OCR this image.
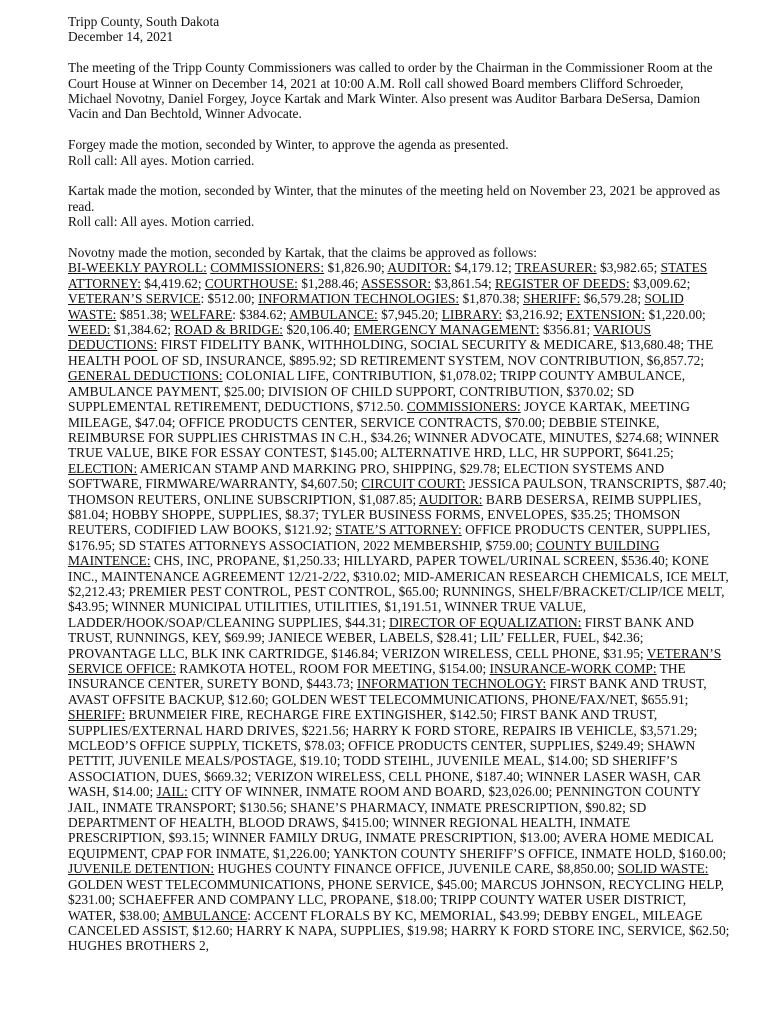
Tripp County, South Dakota

December 14, 2021

The meeting of the Tripp County Commissioners was called to order by the Chairman in the Commissioner Room at the Court House at Winner on December 14, 2021 at 10:00 A.M. Roll call showed Board members Clifford Schroeder, Michael Novotny, Daniel Forgey, Joyce Kartak and Mark Winter. Also present was Auditor Barbara DeSersa, Damion Vacin and Dan Bechtold, Winner Advocate.

Forgey made the motion, seconded by Winter, to approve the agenda as presented.
Roll call: All ayes. Motion carried.

Kartak made the motion, seconded by Winter, that the minutes of the meeting held on November 23, 2021 be approved as read.
Roll call: All ayes. Motion carried.

Novotny made the motion, seconded by Kartak, that the claims be approved as follows:
BI-WEEKLY PAYROLL: COMMISSIONERS: $1,826.90; AUDITOR: $4,179.12; TREASURER: $3,982.65; STATES ATTORNEY: $4,419.62; COURTHOUSE: $1,288.46; ASSESSOR: $3,861.54; REGISTER OF DEEDS: $3,009.62; VETERAN’S SERVICE: $512.00; INFORMATION TECHNOLOGIES: $1,870.38; SHERIFF: $6,579.28; SOLID WASTE: $851.38; WELFARE: $384.62; AMBULANCE: $7,945.20; LIBRARY: $3,216.92; EXTENSION: $1,220.00; WEED: $1,384.62; ROAD & BRIDGE: $20,106.40; EMERGENCY MANAGEMENT: $356.81; VARIOUS DEDUCTIONS: FIRST FIDELITY BANK, WITHHOLDING, SOCIAL SECURITY & MEDICARE, $13,680.48; THE HEALTH POOL OF SD, INSURANCE, $895.92; SD RETIREMENT SYSTEM, NOV CONTRIBUTION, $6,857.72; GENERAL DEDUCTIONS: COLONIAL LIFE, CONTRIBUTION, $1,078.02; TRIPP COUNTY AMBULANCE, AMBULANCE PAYMENT, $25.00; DIVISION OF CHILD SUPPORT, CONTRIBUTION, $370.02; SD SUPPLEMENTAL RETIREMENT, DEDUCTIONS, $712.50. COMMISSIONERS: JOYCE KARTAK, MEETING MILEAGE, $47.04; OFFICE PRODUCTS CENTER, SERVICE CONTRACTS, $70.00; DEBBIE STEINKE, REIMBURSE FOR SUPPLIES CHRISTMAS IN C.H., $34.26; WINNER ADVOCATE, MINUTES, $274.68; WINNER TRUE VALUE, BIKE FOR ESSAY CONTEST, $145.00; ALTERNATIVE HRD, LLC, HR SUPPORT, $641.25; ELECTION: AMERICAN STAMP AND MARKING PRO, SHIPPING, $29.78; ELECTION SYSTEMS AND SOFTWARE, FIRMWARE/WARRANTY, $4,607.50; CIRCUIT COURT: JESSICA PAULSON, TRANSCRIPTS, $87.40; THOMSON REUTERS, ONLINE SUBSCRIPTION, $1,087.85; AUDITOR: BARB DESERSA, REIMB SUPPLIES, $81.04; HOBBY SHOPPE, SUPPLIES, $8.37; TYLER BUSINESS FORMS, ENVELOPES, $35.25; THOMSON REUTERS, CODIFIED LAW BOOKS, $121.92; STATE’S ATTORNEY: OFFICE PRODUCTS CENTER, SUPPLIES, $176.95; SD STATES ATTORNEYS ASSOCIATION, 2022 MEMBERSHIP, $759.00; COUNTY BUILDING MAINTENCE: CHS, INC, PROPANE, $1,250.33; HILLYARD, PAPER TOWEL/URINAL SCREEN, $536.40; KONE INC., MAINTENANCE AGREEMENT 12/21-2/22, $310.02; MID-AMERICAN RESEARCH CHEMICALS, ICE MELT, $2,212.43; PREMIER PEST CONTROL, PEST CONTROL, $65.00; RUNNINGS, SHELF/BRACKET/CLIP/ICE MELT, $43.95; WINNER MUNICIPAL UTILITIES, UTILITIES, $1,191.51, WINNER TRUE VALUE, LADDER/HOOK/SOAP/CLEANING SUPPLIES, $44.31; DIRECTOR OF EQUALIZATION: FIRST BANK AND TRUST, RUNNINGS, KEY, $69.99; JANIECE WEBER, LABELS, $28.41; LIL’ FELLER, FUEL, $42.36; PROVANTAGE LLC, BLK INK CARTRIDGE, $146.84; VERIZON WIRELESS, CELL PHONE, $31.95; VETERAN’S SERVICE OFFICE: RAMKOTA HOTEL, ROOM FOR MEETING, $154.00; INSURANCE-WORK COMP: THE INSURANCE CENTER, SURETY BOND, $443.73; INFORMATION TECHNOLOGY: FIRST BANK AND TRUST, AVAST OFFSITE BACKUP, $12.60; GOLDEN WEST TELECOMMUNICATIONS, PHONE/FAX/NET, $655.91; SHERIFF: BRUNMEIER FIRE, RECHARGE FIRE EXTINGISHER, $142.50; FIRST BANK AND TRUST, SUPPLIES/EXTERNAL HARD DRIVES, $221.56; HARRY K FORD STORE, REPAIRS IB VEHICLE, $3,571.29; MCLEOD’S OFFICE SUPPLY, TICKETS, $78.03; OFFICE PRODUCTS CENTER, SUPPLIES, $249.49; SHAWN PETTIT, JUVENILE MEALS/POSTAGE, $19.10; TODD STEIHL, JUVENILE MEAL, $14.00; SD SHERIFF’S ASSOCIATION, DUES, $669.32; VERIZON WIRELESS, CELL PHONE, $187.40; WINNER LASER WASH, CAR WASH, $14.00; JAIL: CITY OF WINNER, INMATE ROOM AND BOARD, $23,026.00; PENNINGTON COUNTY JAIL, INMATE TRANSPORT; $130.56; SHANE’S PHARMACY, INMATE PRESCRIPTION, $90.82; SD DEPARTMENT OF HEALTH, BLOOD DRAWS, $415.00; WINNER REGIONAL HEALTH, INMATE PRESCRIPTION, $93.15; WINNER FAMILY DRUG, INMATE PRESCRIPTION, $13.00; AVERA HOME MEDICAL EQUIPMENT, CPAP FOR INMATE, $1,226.00; YANKTON COUNTY SHERIFF’S OFFICE, INMATE HOLD, $160.00; JUVENILE DETENTION: HUGHES COUNTY FINANCE OFFICE, JUVENILE CARE, $8,850.00; SOLID WASTE: GOLDEN WEST TELECOMMUNICATIONS, PHONE SERVICE, $45.00; MARCUS JOHNSON, RECYCLING HELP, $231.00; SCHAEFFER AND COMPANY LLC, PROPANE, $18.00; TRIPP COUNTY WATER USER DISTRICT, WATER, $38.00; AMBULANCE: ACCENT FLORALS BY KC, MEMORIAL, $43.99; DEBBY ENGEL, MILEAGE CANCELED ASSIST, $12.60; HARRY K NAPA, SUPPLIES, $19.98; HARRY K FORD STORE INC, SERVICE, $62.50; HUGHES BROTHERS 2,
